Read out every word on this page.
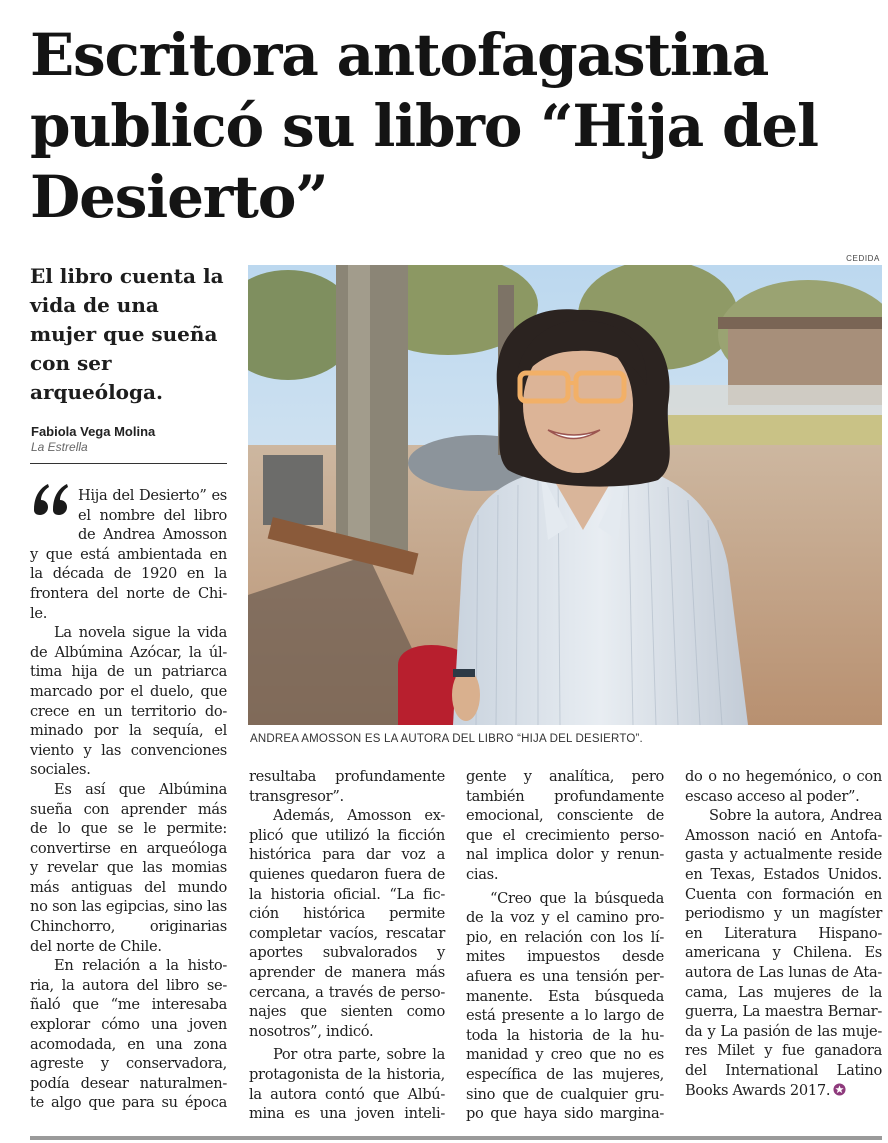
Escritora antofagastina
publicó su libro “Hija del
Desierto”
CEDIDA
El libro cuenta la
vida de una
mujer que sueña
con ser
arqueóloga.
Fabiola Vega Molina
La Estrella
ANDREA AMOSSON ES LA AUTORA DEL LIBRO “HIJA DEL DESIERTO”.
Hija del Desierto” es
el nombre del libro
de Andrea Amosson
y que está ambientada en
la década de 1920 en la
frontera del norte de Chi-
le.
La novela sigue la vida
de Albúmina Azócar, la úl-
tima hija de un patriarca
marcado por el duelo, que
crece en un territorio do-
minado por la sequía, el
viento y las convenciones
sociales.
Es así que Albúmina
sueña con aprender más
de lo que se le permite:
convertirse en arqueóloga
y revelar que las momias
más antiguas del mundo
no son las egipcias, sino las
Chinchorro, originarias
del norte de Chile.
En relación a la histo-
ria, la autora del libro se-
ñaló que “me interesaba
explorar cómo una joven
acomodada, en una zona
agreste y conservadora,
podía desear naturalmen-
te algo que para su época
resultaba profundamente
transgresor”.
Además, Amosson ex-
plicó que utilizó la ficción
histórica para dar voz a
quienes quedaron fuera de
la historia oficial. “La fic-
ción histórica permite
completar vacíos, rescatar
aportes subvalorados y
aprender de manera más
cercana, a través de perso-
najes que sienten como
nosotros”, indicó.
Por otra parte, sobre la
protagonista de la historia,
la autora contó que Albú-
mina es una joven inteli-
gente y analítica, pero
también profundamente
emocional, consciente de
que el crecimiento perso-
nal implica dolor y renun-
cias.
“Creo que la búsqueda
de la voz y el camino pro-
pio, en relación con los lí-
mites impuestos desde
afuera es una tensión per-
manente. Esta búsqueda
está presente a lo largo de
toda la historia de la hu-
manidad y creo que no es
específica de las mujeres,
sino que de cualquier gru-
po que haya sido margina-
do o no hegemónico, o con
escaso acceso al poder”.
Sobre la autora, Andrea
Amosson nació en Antofa-
gasta y actualmente reside
en Texas, Estados Unidos.
Cuenta con formación en
periodismo y un magíster
en Literatura Hispano-
americana y Chilena. Es
autora de Las lunas de Ata-
cama, Las mujeres de la
guerra, La maestra Bernar-
da y La pasión de las muje-
res Milet y fue ganadora
del International Latino
Books Awards 2017.
